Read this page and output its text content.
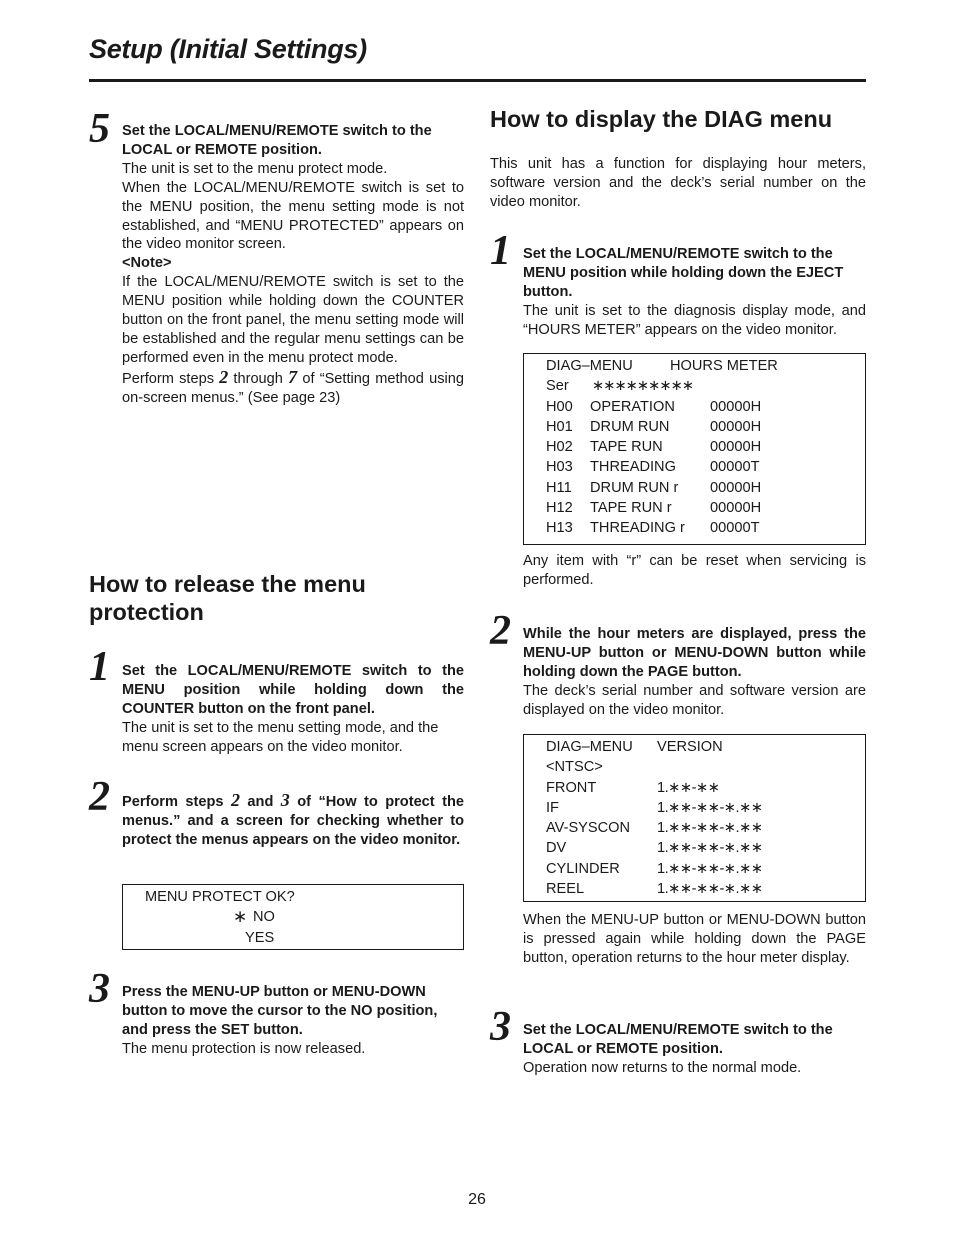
Setup (Initial Settings)
5 Set the LOCAL/MENU/REMOTE switch to the LOCAL or REMOTE position.

The unit is set to the menu protect mode.

When the LOCAL/MENU/REMOTE switch is set to the MENU position, the menu setting mode is not established, and “MENU PROTECTED” appears on the video monitor screen.

<Note>

If the LOCAL/MENU/REMOTE switch is set to the MENU position while holding down the COUNTER button on the front panel, the menu setting mode will be established and the regular menu settings can be performed even in the menu protect mode.

Perform steps 2 through 7 of “Setting method using on-screen menus.” (See page 23)

How to release the menu protection
1 Set the LOCAL/MENU/REMOTE switch to the MENU position while holding down the COUNTER button on the front panel.

The unit is set to the menu setting mode, and the menu screen appears on the video monitor.

2 Perform steps 2 and 3 of “How to protect the menus.” and a screen for checking whether to protect the menus appears on the video monitor.
MENU PROTECT OK?
∗ NO
YES
3 Press the MENU-UP button or MENU-DOWN button to move the cursor to the NO position, and press the SET button.

The menu protection is now released.

How to display the DIAG menu
This unit has a function for displaying hour meters, software version and the deck’s serial number on the video monitor.
1 Set the LOCAL/MENU/REMOTE switch to the MENU position while holding down the EJECT button.

The unit is set to the diagnosis display mode, and “HOURS METER” appears on the video monitor.

DIAG–MENU	HOURS METER
Ser	∗∗∗∗∗∗∗∗∗
H00	OPERATION	00000H
H01	DRUM RUN	00000H
H02	TAPE RUN	00000H
H03	THREADING	00000T
H11	DRUM RUN r	00000H
H12	TAPE RUN r	00000H
H13	THREADING r	00000T
Any item with “r” can be reset when servicing is performed.
2 While the hour meters are displayed, press the MENU-UP button or MENU-DOWN button while holding down the PAGE button.

The deck’s serial number and software version are displayed on the video monitor.

DIAG–MENU	VERSION
<NTSC>
FRONT	1.∗∗-∗∗
IF	1.∗∗-∗∗-∗.∗∗
AV-SYSCON	1.∗∗-∗∗-∗.∗∗
DV	1.∗∗-∗∗-∗.∗∗
CYLINDER	1.∗∗-∗∗-∗.∗∗
REEL	1.∗∗-∗∗-∗.∗∗
When the MENU-UP button or MENU-DOWN button is pressed again while holding down the PAGE button, operation returns to the hour meter display.
3 Set the LOCAL/MENU/REMOTE switch to the LOCAL or REMOTE position.

Operation now returns to the normal mode.

26
